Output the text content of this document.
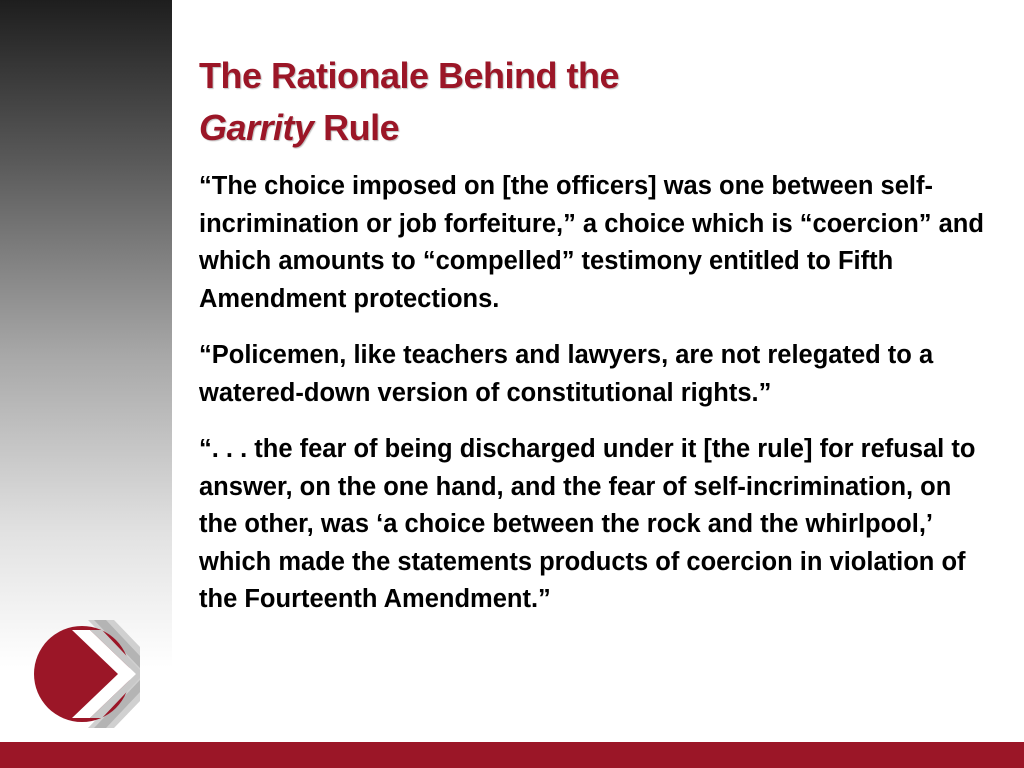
The Rationale Behind the
Garrity Rule

“The choice imposed on [the officers] was one between self-incrimination or job forfeiture,” a choice which is “coercion” and which amounts to “compelled” testimony entitled to Fifth Amendment protections.

“Policemen, like teachers and lawyers, are not relegated to a watered-down version of constitutional rights.”

“. . . the fear of being discharged under it [the rule] for refusal to answer, on the one hand, and the fear of self-incrimination, on the other, was ‘a choice between the rock and the whirlpool,’ which made the statements products of coercion in violation of the Fourteenth Amendment.”
